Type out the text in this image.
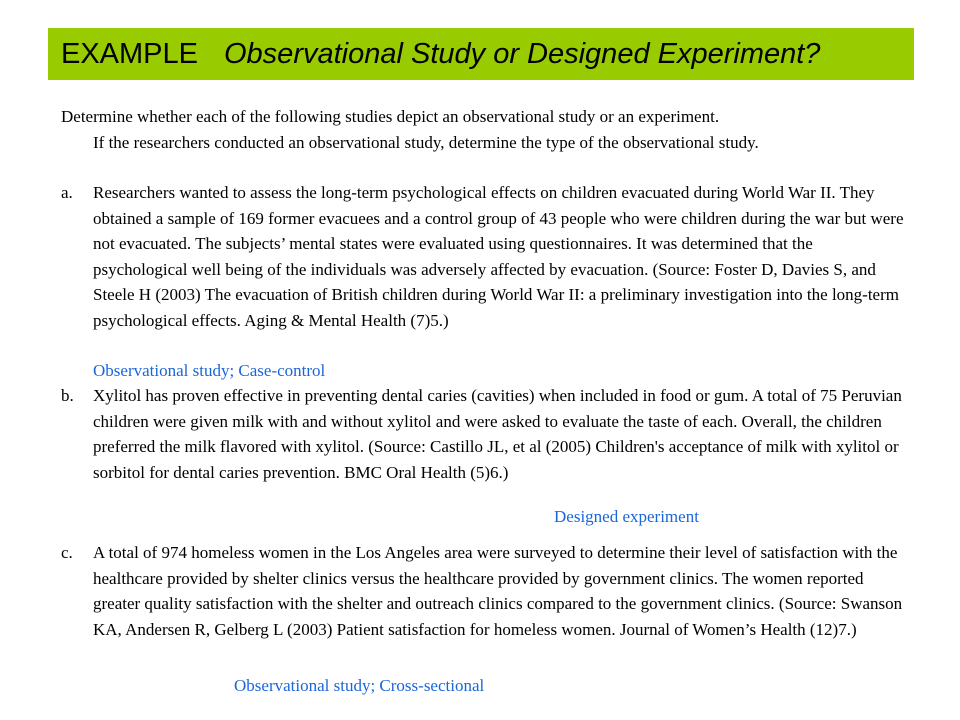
EXAMPLE Observational Study or Designed Experiment?

Determine whether each of the following studies depict an observational study or an experiment.
If the researchers conducted an observational study, determine the type of the observational study.

a.	Researchers wanted to assess the long-term psychological effects on children evacuated during World War II. They obtained a sample of 169 former evacuees and a control group of 43 people who were children during the war but were not evacuated. The subjects’ mental states were evaluated using questionnaires. It was determined that the psychological well being of the individuals was adversely affected by evacuation. (Source: Foster D, Davies S, and Steele H (2003) The evacuation of British children during World War II: a preliminary investigation into the long-term psychological effects. Aging & Mental Health (7)5.)
Observational study; Case-control
b.	Xylitol has proven effective in preventing dental caries (cavities) when included in food or gum. A total of 75 Peruvian children were given milk with and without xylitol and were asked to evaluate the taste of each. Overall, the children preferred the milk flavored with xylitol. (Source: Castillo JL, et al (2005) Children's acceptance of milk with xylitol or sorbitol for dental caries prevention. BMC Oral Health (5)6.)
Designed experiment
c.	A total of 974 homeless women in the Los Angeles area were surveyed to determine their level of satisfaction with the healthcare provided by shelter clinics versus the healthcare provided by government clinics. The women reported greater quality satisfaction with the shelter and outreach clinics compared to the government clinics. (Source: Swanson KA, Andersen R, Gelberg L (2003) Patient satisfaction for homeless women. Journal of Women’s Health (12)7.)
Observational study; Cross-sectional
